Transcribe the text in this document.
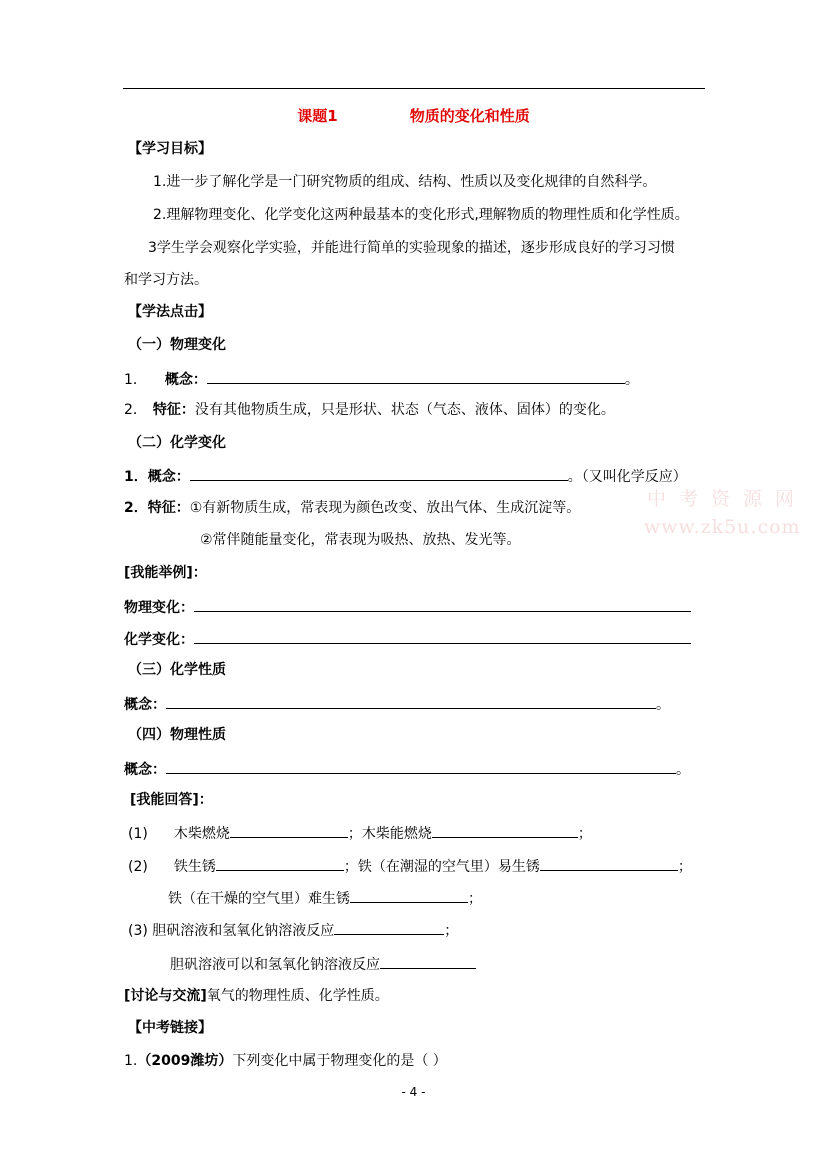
课题1	物质的变化和性质
【学习目标】
1.进一步了解化学是一门研究物质的组成、结构、性质以及变化规律的自然科学。
2.理解物理变化、化学变化这两种最基本的变化形式,理解物质的物理性质和化学性质。
3学生学会观察化学实验，并能进行简单的实验现象的描述，逐步形成良好的学习习惯
和学习方法。
【学法点击】
（一）物理变化
1． 概念：	。
2． 特征：没有其他物质生成，只是形状、状态（气态、液体、固体）的变化。
（二）化学变化
1．概念：	。（又叫化学反应）
2．特征：①有新物质生成，常表现为颜色改变、放出气体、生成沉淀等。
②常伴随能量变化，常表现为吸热、放热、发光等。
[我能举例]：
物理变化：
化学变化：
（三）化学性质
概念：	。
（四）物理性质
概念：	。
[我能回答]：
(1) 木柴燃烧	；木柴能燃烧	；
(2) 铁生锈	；铁（在潮湿的空气里）易生锈	；
铁（在干燥的空气里）难生锈	；
(3) 胆矾溶液和氢氧化钠溶液反应	；
胆矾溶液可以和氢氧化钠溶液反应
[讨论与交流]氧气的物理性质、化学性质。
【中考链接】
1.（2009潍坊）下列变化中属于物理变化的是（ ）
中考资源网
www.zk5u.com
- 4 -
